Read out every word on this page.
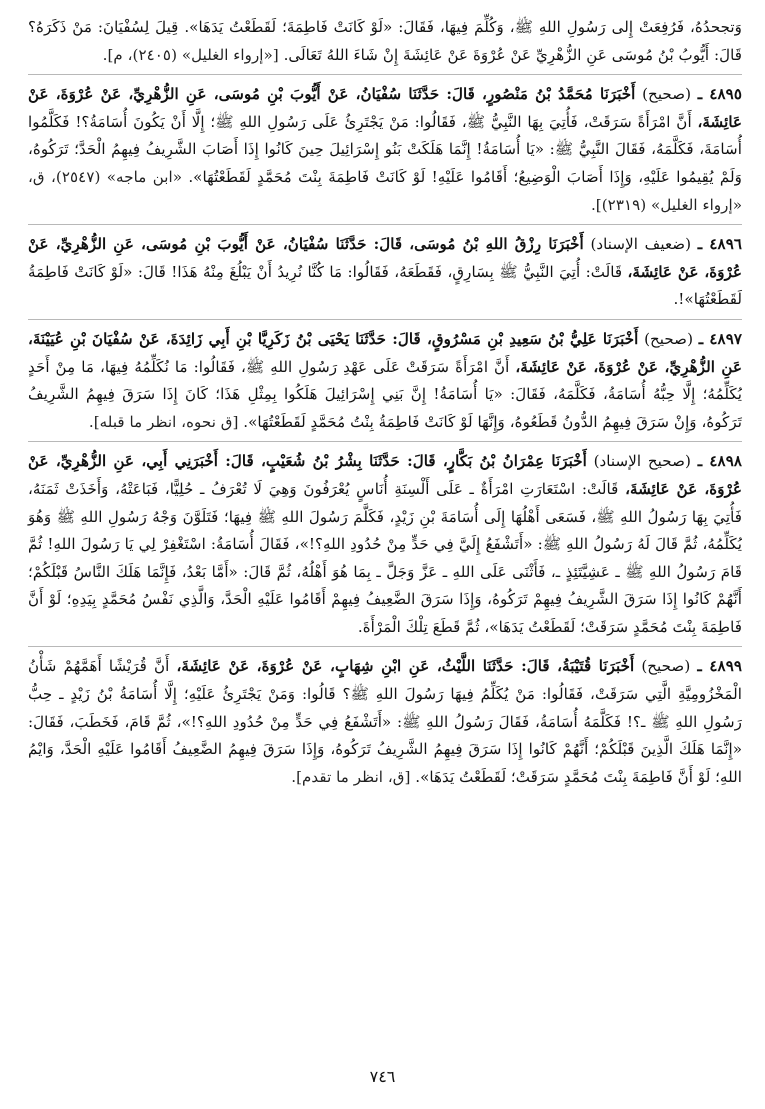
وَتجحدُهُ، فَرُفِعَتْ إِلى رَسُولِ اللهِ ﷺ، وَكُلِّمَ فِيهَا، فَقَالَ: «لَوْ كَانَتْ فَاطِمَةَ؛ لَقَطَعْتُ يَدَهَا». قِيلَ لِسُفْيَانَ: مَنْ ذَكَرَهُ؟ قَالَ: أَيُّوبُ بْنُ مُوسَى عَنِ الزُّهْرِيِّ عَنْ عُرْوَةَ عَنْ عَائِشَةَ إِنْ شَاءَ اللهُ تَعَالَى. [«إرواء الغليل» (٢٤٠٥)، م].

٤٨٩٥ ـ (صحيح) أَخْبَرَنَا مُحَمَّدُ بْنُ مَنْصُورٍ، قَالَ: حَدَّثَنَا سُفْيَانُ، عَنْ أَيُّوبَ بْنِ مُوسَى، عَنِ الزُّهْرِيِّ، عَنْ عُرْوَةَ، عَنْ عَائِشَةَ، أَنَّ امْرَأَةً سَرَقَتْ، فَأُتِيَ بِهَا النَّبِيُّ ﷺ، فَقَالُوا: مَنْ يَجْتَرِئُ عَلَى رَسُولِ اللهِ ﷺ؛ إِلَّا أَنْ يَكُونَ أُسَامَةُ؟! فَكَلَّمُوا أُسَامَةَ، فَكَلَّمَهُ، فَقَالَ النَّبِيُّ ﷺ: «يَا أُسَامَةُ! إِنَّمَا هَلَكَتْ بَنُو إِسْرَائِيلَ حِينَ كَانُوا إِذَا أَصَابَ الشَّرِيفُ فِيهِمُ الْحَدَّ؛ تَرَكُوهُ، وَلَمْ يُقِيمُوا عَلَيْهِ، وَإِذَا أَصَابَ الْوَضِيعُ؛ أَقَامُوا عَلَيْهِ! لَوْ كَانَتْ فَاطِمَةَ بِنْتَ مُحَمَّدٍ لَقَطَعْتُهَا». «ابن ماجه» (٢٥٤٧)، ق، «إرواء الغليل» (٢٣١٩)].

٤٨٩٦ ـ (ضعيف الإسناد) أَخْبَرَنَا رِزْقُ اللهِ بْنُ مُوسَى، قَالَ: حَدَّثَنَا سُفْيَانُ، عَنْ أَيُّوبَ بْنِ مُوسَى، عَنِ الزُّهْرِيِّ، عَنْ عُرْوَةَ، عَنْ عَائِشَةَ، قَالَتْ: أُتِيَ النَّبِيُّ ﷺ بِسَارِقٍ، فَقَطَعَهُ، فَقَالُوا: مَا كُنَّا نُرِيدُ أَنْ يَبْلُغَ مِنْهُ هَذَا! قَالَ: «لَوْ كَانَتْ فَاطِمَةُ لَقَطَعْتُهَا»!.

٤٨٩٧ ـ (صحيح) أَخْبَرَنَا عَلِيُّ بْنُ سَعِيدِ بْنِ مَسْرُوقٍ، قَالَ: حَدَّثَنَا يَحْيَى بْنُ زَكَرِيَّا بْنِ أَبِي زَائِدَةَ، عَنْ سُفْيَانَ بْنِ عُيَيْنَةَ، عَنِ الزُّهْرِيِّ، عَنْ عُرْوَةَ، عَنْ عَائِشَةَ، أَنَّ امْرَأَةً سَرَقَتْ عَلَى عَهْدِ رَسُولِ اللهِ ﷺ، فَقَالُوا: مَا نُكَلِّمُهُ فِيهَا، مَا مِنْ أَحَدٍ يُكَلِّمُهُ؛ إِلَّا حِبُّهُ أُسَامَةُ، فَكَلَّمَهُ، فَقَالَ: «يَا أُسَامَةُ! إِنَّ بَنِي إِسْرَائِيلَ هَلَكُوا بِمِثْلِ هَذَا؛ كَانَ إِذَا سَرَقَ فِيهِمُ الشَّرِيفُ تَرَكُوهُ، وَإِنْ سَرَقَ فِيهِمُ الدُّونُ قَطَعُوهُ، وَإِنَّهَا لَوْ كَانَتْ فَاطِمَةُ بِنْتُ مُحَمَّدٍ لَقَطَعْتُهَا». [ق نحوه، انظر ما قبله].

٤٨٩٨ ـ (صحيح الإسناد) أَخْبَرَنَا عِمْرَانُ بْنُ بَكَّارٍ، قَالَ: حَدَّثَنَا بِشْرُ بْنُ شُعَيْبٍ، قَالَ: أَخْبَرَنِي أَبِي، عَنِ الزُّهْرِيِّ، عَنْ عُرْوَةَ، عَنْ عَائِشَةَ، قَالَتْ: اسْتَعَارَتِ امْرَأَةٌ ـ عَلَى أَلْسِنَةِ أُنَاسٍ يُعْرَفُونَ وَهِيَ لَا تُعْرَفُ ـ حُلِيًّا، فَبَاعَتْهُ، وَأَخَذَتْ ثَمَنَهُ، فَأُتِيَ بِهَا رَسُولُ اللهِ ﷺ، فَسَعَى أَهْلُهَا إِلَى أُسَامَةَ بْنِ زَيْدٍ، فَكَلَّمَ رَسُولَ اللهِ ﷺ فِيهَا؛ فَتَلَوَّنَ وَجْهُ رَسُولِ اللهِ ﷺ وَهُوَ يُكَلِّمُهُ، ثُمَّ قَالَ لَهُ رَسُولُ اللهِ ﷺ: «أَتَشْفَعُ إِلَيَّ فِي حَدٍّ مِنْ حُدُودِ اللهِ؟!»، فَقَالَ أُسَامَةُ: اسْتَغْفِرْ لِي يَا رَسُولَ اللهِ! ثُمَّ قَامَ رَسُولُ اللهِ ﷺ ـ عَشِيَّتَئِذٍ ـ، فَأَثْنَى عَلَى اللهِ ـ عَزَّ وَجَلَّ ـ بِمَا هُوَ أَهْلُهُ، ثُمَّ قَالَ: «أَمَّا بَعْدُ، فَإِنَّمَا هَلَكَ النَّاسُ قَبْلَكُمْ؛ أَنَّهُمْ كَانُوا إِذَا سَرَقَ الشَّرِيفُ فِيهِمْ تَرَكُوهُ، وَإِذَا سَرَقَ الضَّعِيفُ فِيهِمْ أَقَامُوا عَلَيْهِ الْحَدَّ، وَالَّذِي نَفْسُ مُحَمَّدٍ بِيَدِهِ؛ لَوْ أَنَّ فَاطِمَةَ بِنْتَ مُحَمَّدٍ سَرَقَتْ؛ لَقَطَعْتُ يَدَهَا»، ثُمَّ قَطَعَ تِلْكَ الْمَرْأَةَ.

٤٨٩٩ ـ (صحيح) أَخْبَرَنَا قُتَيْبَةُ، قَالَ: حَدَّثَنَا اللَّيْثُ، عَنِ ابْنِ شِهَابٍ، عَنْ عُرْوَةَ، عَنْ عَائِشَةَ، أَنَّ قُرَيْشًا أَهَمَّهُمْ شَأْنُ الْمَخْزُومِيَّةِ الَّتِي سَرَقَتْ، فَقَالُوا: مَنْ يُكَلِّمُ فِيهَا رَسُولَ اللهِ ﷺ؟ قَالُوا: وَمَنْ يَجْتَرِئُ عَلَيْهِ؛ إِلَّا أُسَامَةُ بْنُ زَيْدٍ ـ حِبُّ رَسُولِ اللهِ ﷺ ـ؟! فَكَلَّمَهُ أُسَامَةُ، فَقَالَ رَسُولُ اللهِ ﷺ: «أَتَشْفَعُ فِي حَدٍّ مِنْ حُدُودِ اللهِ؟!»، ثُمَّ قَامَ، فَخَطَبَ، فَقَالَ: «إِنَّمَا هَلَكَ الَّذِينَ قَبْلَكُمْ؛ أَنَّهُمْ كَانُوا إِذَا سَرَقَ فِيهِمُ الشَّرِيفُ تَرَكُوهُ، وَإِذَا سَرَقَ فِيهِمُ الضَّعِيفُ أَقَامُوا عَلَيْهِ الْحَدَّ، وَايْمُ اللهِ؛ لَوْ أَنَّ فَاطِمَةَ بِنْتَ مُحَمَّدٍ سَرَقَتْ؛ لَقَطَعْتُ يَدَهَا». [ق، انظر ما تقدم].

٧٤٦
